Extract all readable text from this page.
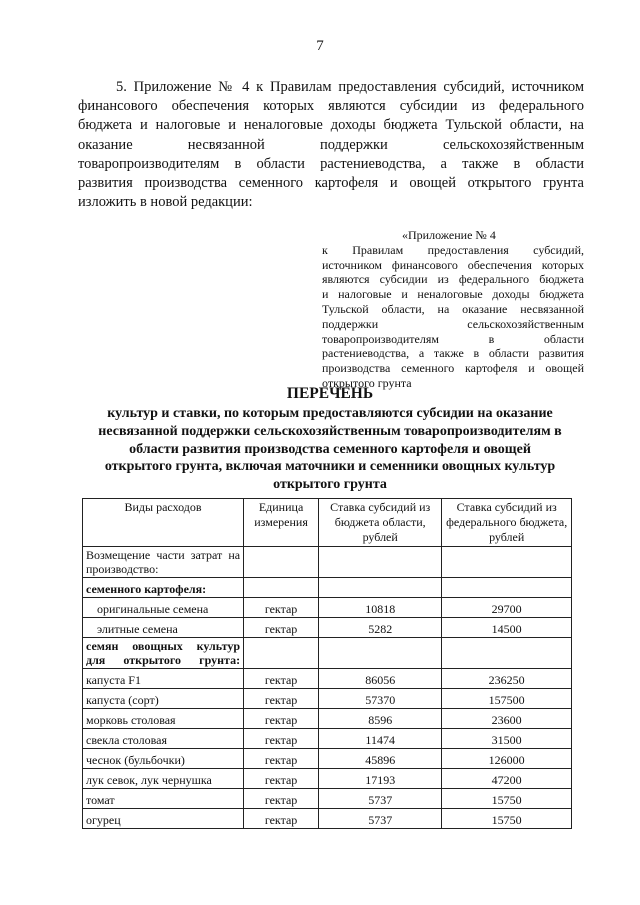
7
5. Приложение № 4 к Правилам предоставления субсидий, источником
финансового обеспечения которых являются субсидии из федерального
бюджета и налоговые и неналоговые доходы бюджета Тульской области, на
оказание несвязанной поддержки сельскохозяйственным
товаропроизводителям в области растениеводства, а также в области
развития производства семенного картофеля и овощей открытого грунта
изложить в новой редакции:
«Приложение № 4
к Правилам предоставления субсидий,
источником финансового обеспечения которых
являются субсидии из федерального бюджета
и налоговые и неналоговые доходы бюджета
Тульской области, на оказание несвязанной
поддержки сельскохозяйственным
товаропроизводителям в области
растениеводства, а также в области развития
производства семенного картофеля и овощей
открытого грунта
ПЕРЕЧЕНЬ
культур и ставки, по которым предоставляются субсидии на оказание
несвязанной поддержки сельскохозяйственным товаропроизводителям в
области развития производства семенного картофеля и овощей
открытого грунта, включая маточники и семенники овощных культур
открытого грунта
Виды расходов	Единица измерения	Ставка субсидий из бюджета области, рублей	Ставка субсидий из федерального бюджета, рублей

Возмещение части затрат на производство:			

семенного картофеля:			
оригинальные семена	гектар	10818	29700
элитные семена	гектар	5282	14500

семян овощных культур для открытого грунта:			

капуста F1	гектар	86056	236250
капуста (сорт)	гектар	57370	157500
морковь столовая	гектар	8596	23600
свекла столовая	гектар	11474	31500
чеснок (бульбочки)	гектар	45896	126000
лук севок, лук чернушка	гектар	17193	47200
томат	гектар	5737	15750
огурец	гектар	5737	15750
